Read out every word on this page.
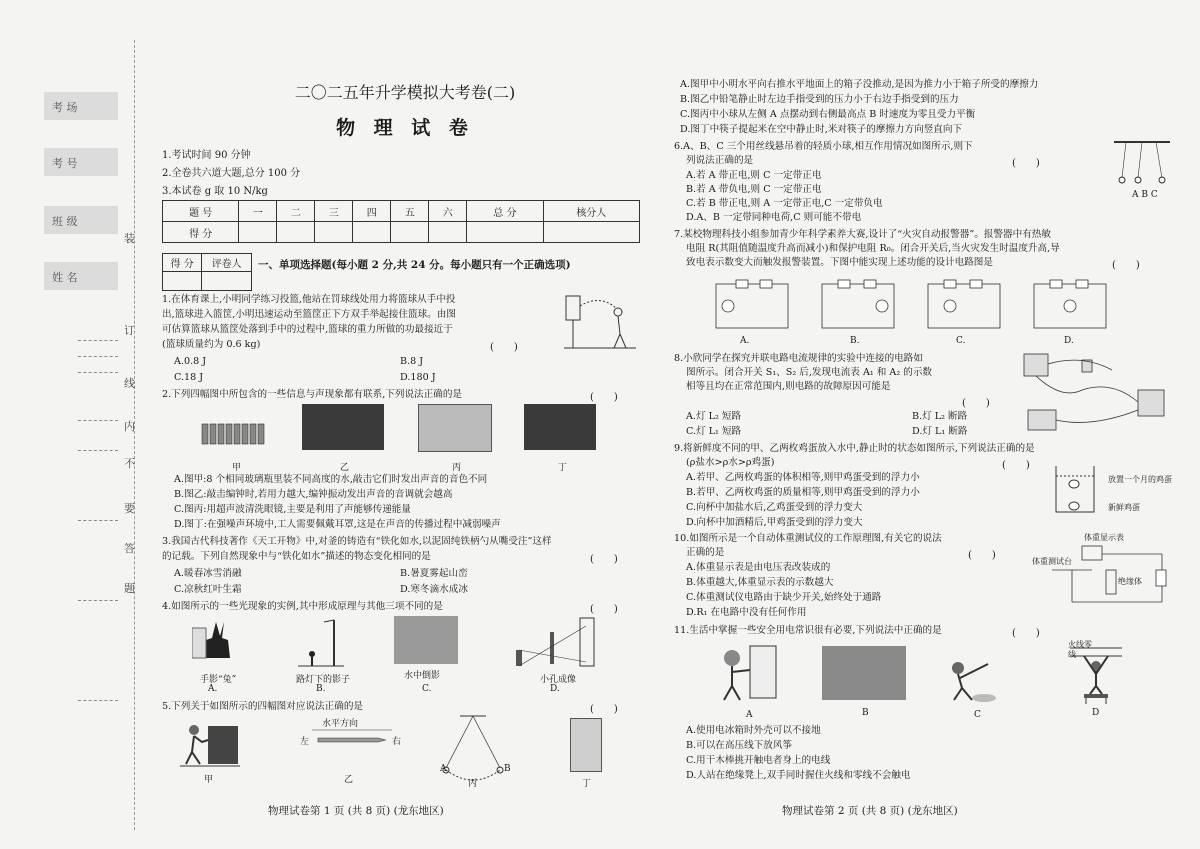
考 场
考 号
班 级
姓 名
装
订
线
内
不
要
答
题
二〇二五年升学模拟大考卷(二)
物 理 试 卷
1.考试时间 90 分钟
2.全卷共六道大题,总分 100 分
3.本试卷 g 取 10 N/kg
题 号	一	二	三	四	五	六	总 分	核分人
得 分								
得 分	评卷人
	一、单项选择题(每小题 2 分,共 24 分。每小题只有一个正确选项)
1.在体育课上,小明同学练习投篮,他站在罚球线处用力将篮球从手中投
出,篮球进入篮筐,小明迅速运动至篮筐正下方双手举起接住篮球。由图
可估算篮球从篮筐处落到手中的过程中,篮球的重力所做的功最接近于
(篮球质量约为 0.6 kg)	(　　)
A.0.8 J	B.8 J
C.18 J	D.180 J
2.下列四幅图中所包含的一些信息与声现象都有联系,下列说法正确的是	(　　)
甲	乙	丙	丁
A.图甲:8 个相同玻璃瓶里装不同高度的水,敲击它们时发出声音的音色不同
B.图乙:敲击编钟时,若用力越大,编钟振动发出声音的音调就会越高
C.图丙:用超声波清洗眼镜,主要是利用了声能够传递能量
D.图丁:在强噪声环境中,工人需要佩戴耳罩,这是在声音的传播过程中减弱噪声
3.我国古代科技著作《天工开物》中,对釜的铸造有“铁化如水,以泥固纯铁柄勺从嘴受注”这样
的记载。下列自然现象中与“铁化如水”描述的物态变化相同的是	(　　)
A.暖春冰雪消融	B.暑夏雾起山峦
C.凉秋红叶生霜	D.寒冬滴水成冰
4.如图所示的一些光现象的实例,其中形成原理与其他三项不同的是	(　　)
手影“兔”	路灯下的影子	水中倒影	小孔成像
A.	B.	C.	D.
5.下列关于如图所示的四幅图对应说法正确的是	(　　)
水平方向
左	右
A	B
甲	乙	丙	丁
物理试卷第 1 页 (共 8 页) (龙东地区)
A.图甲中小明水平向右推水平地面上的箱子没推动,是因为推力小于箱子所受的摩擦力
B.图乙中铅笔静止时左边手指受到的压力小于右边手指受到的压力
C.图丙中小球从左侧 A 点摆动到右侧最高点 B 时速度为零且受力平衡
D.图丁中筷子提起米在空中静止时,米对筷子的摩擦力方向竖直向下
6.A、B、C 三个用丝线悬吊着的轻质小球,相互作用情况如图所示,则下
列说法正确的是	(　　)
A.若 A 带正电,则 C 一定带正电
B.若 A 带负电,则 C 一定带正电
C.若 B 带正电,则 A 一定带正电,C 一定带负电
D.A、B 一定带同种电荷,C 则可能不带电
A B C
7.某校物理科技小组参加青少年科学素养大赛,设计了“火灾自动报警器”。报警器中有热敏
电阻 R(其阻值随温度升高而减小)和保护电阻 R₀。闭合开关后,当火灾发生时温度升高,导
致电表示数变大而触发报警装置。下图中能实现上述功能的设计电路图是	(　　)
A.	B.	C.	D.
8.小欣同学在探究并联电路电流规律的实验中连接的电路如
图所示。闭合开关 S₁、S₂ 后,发现电流表 A₁ 和 A₂ 的示数
相等且均在正常范围内,则电路的故障原因可能是
(　　)
A.灯 L₂ 短路	B.灯 L₂ 断路
C.灯 L₁ 短路	D.灯 L₁ 断路
9.将新鲜度不同的甲、乙两枚鸡蛋放入水中,静止时的状态如图所示,下列说法正确的是
(ρ盐水>ρ水>ρ鸡蛋)	(　　)
A.若甲、乙两枚鸡蛋的体积相等,则甲鸡蛋受到的浮力小
B.若甲、乙两枚鸡蛋的质量相等,则甲鸡蛋受到的浮力小
C.向杯中加盐水后,乙鸡蛋受到的浮力变大
D.向杯中加酒精后,甲鸡蛋受到的浮力变大
放置一个月的鸡蛋
新鲜鸡蛋
10.如图所示是一个自动体重测试仪的工作原理图,有关它的说法
正确的是	(　　)
A.体重显示表是由电压表改装成的
B.体重越大,体重显示表的示数越大
C.体重测试仪电路由于缺少开关,始终处于通路
D.R₁ 在电路中没有任何作用
体重显示表
体重测试台
绝缘体
11.生活中掌握一些安全用电常识很有必要,下列说法中正确的是	(　　)
火线零线
A	B	C	D
A.使用电冰箱时外壳可以不接地
B.可以在高压线下放风筝
C.用干木棒挑开触电者身上的电线
D.人站在绝缘凳上,双手同时握住火线和零线不会触电
物理试卷第 2 页 (共 8 页) (龙东地区)
